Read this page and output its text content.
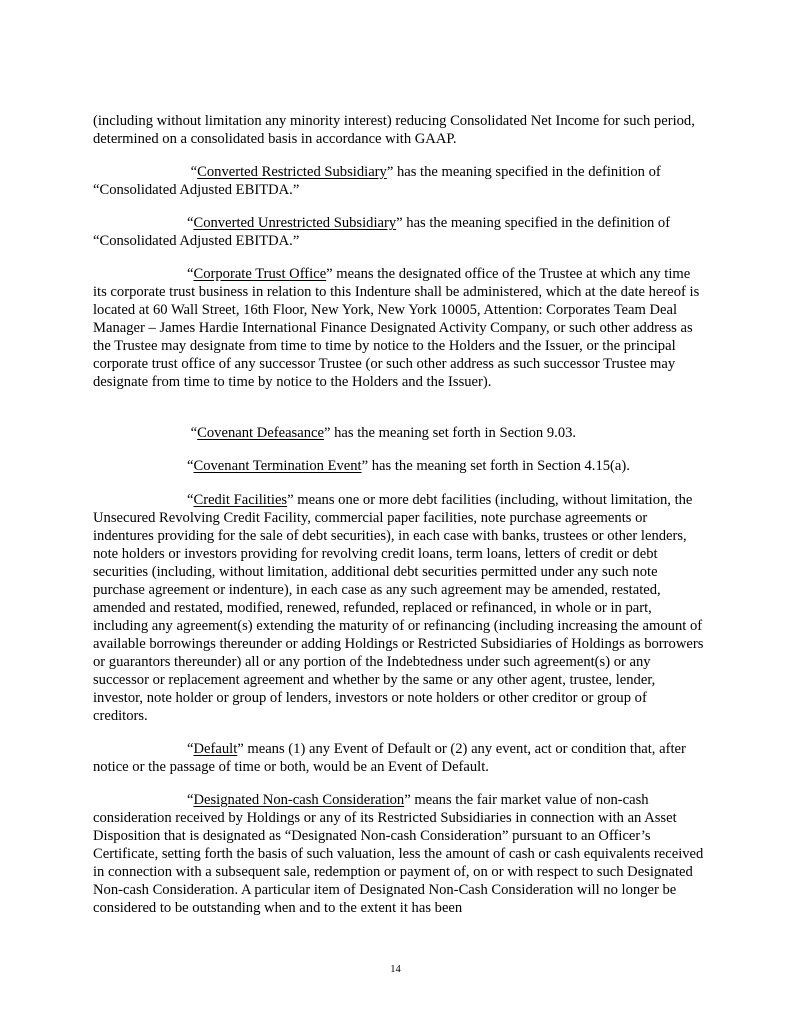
(including without limitation any minority interest) reducing Consolidated Net Income for such period, determined on a consolidated basis in accordance with GAAP.

“Converted Restricted Subsidiary” has the meaning specified in the definition of “Consolidated Adjusted EBITDA.”

“Converted Unrestricted Subsidiary” has the meaning specified in the definition of “Consolidated Adjusted EBITDA.”

“Corporate Trust Office” means the designated office of the Trustee at which any time its corporate trust business in relation to this Indenture shall be administered, which at the date hereof is located at 60 Wall Street, 16th Floor, New York, New York 10005, Attention: Corporates Team Deal Manager – James Hardie International Finance Designated Activity Company, or such other address as the Trustee may designate from time to time by notice to the Holders and the Issuer, or the principal corporate trust office of any successor Trustee (or such other address as such successor Trustee may designate from time to time by notice to the Holders and the Issuer).

“Covenant Defeasance” has the meaning set forth in Section 9.03.

“Covenant Termination Event” has the meaning set forth in Section 4.15(a).

“Credit Facilities” means one or more debt facilities (including, without limitation, the Unsecured Revolving Credit Facility, commercial paper facilities, note purchase agreements or indentures providing for the sale of debt securities), in each case with banks, trustees or other lenders, note holders or investors providing for revolving credit loans, term loans, letters of credit or debt securities (including, without limitation, additional debt securities permitted under any such note purchase agreement or indenture), in each case as any such agreement may be amended, restated, amended and restated, modified, renewed, refunded, replaced or refinanced, in whole or in part, including any agreement(s) extending the maturity of or refinancing (including increasing the amount of available borrowings thereunder or adding Holdings or Restricted Subsidiaries of Holdings as borrowers or guarantors thereunder) all or any portion of the Indebtedness under such agreement(s) or any successor or replacement agreement and whether by the same or any other agent, trustee, lender, investor, note holder or group of lenders, investors or note holders or other creditor or group of creditors.

“Default” means (1) any Event of Default or (2) any event, act or condition that, after notice or the passage of time or both, would be an Event of Default.

“Designated Non-cash Consideration” means the fair market value of non-cash consideration received by Holdings or any of its Restricted Subsidiaries in connection with an Asset Disposition that is designated as “Designated Non-cash Consideration” pursuant to an Officer’s Certificate, setting forth the basis of such valuation, less the amount of cash or cash equivalents received in connection with a subsequent sale, redemption or payment of, on or with respect to such Designated Non-cash Consideration. A particular item of Designated Non-Cash Consideration will no longer be considered to be outstanding when and to the extent it has been

14
